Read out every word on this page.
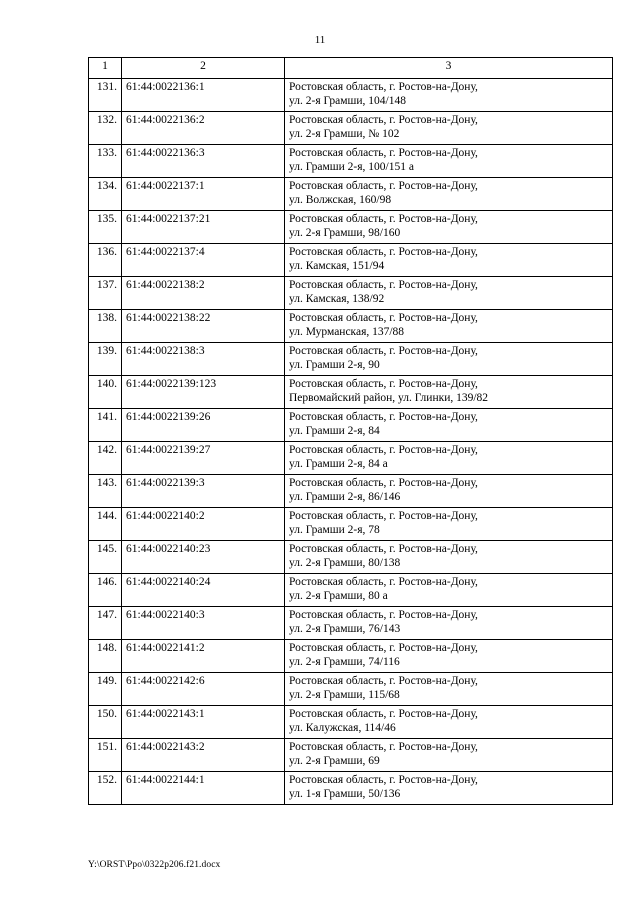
11
1	2	3
131.	61:44:0022136:1	Ростовская область, г. Ростов-на-Дону,
ул. 2-я Грамши, 104/148

132.	61:44:0022136:2	Ростовская область, г. Ростов-на-Дону,
ул. 2-я Грамши, № 102

133.	61:44:0022136:3	Ростовская область, г. Ростов-на-Дону,
ул. Грамши 2-я, 100/151 а

134.	61:44:0022137:1	Ростовская область, г. Ростов-на-Дону,
ул. Волжская, 160/98

135.	61:44:0022137:21	Ростовская область, г. Ростов-на-Дону,
ул. 2-я Грамши, 98/160

136.	61:44:0022137:4	Ростовская область, г. Ростов-на-Дону,
ул. Камская, 151/94

137.	61:44:0022138:2	Ростовская область, г. Ростов-на-Дону,
ул. Камская, 138/92

138.	61:44:0022138:22	Ростовская область, г. Ростов-на-Дону,
ул. Мурманская, 137/88

139.	61:44:0022138:3	Ростовская область, г. Ростов-на-Дону,
ул. Грамши 2-я, 90

140.	61:44:0022139:123	Ростовская область, г. Ростов-на-Дону,
Первомайский район, ул. Глинки, 139/82

141.	61:44:0022139:26	Ростовская область, г. Ростов-на-Дону,
ул. Грамши 2-я, 84

142.	61:44:0022139:27	Ростовская область, г. Ростов-на-Дону,
ул. Грамши 2-я, 84 а

143.	61:44:0022139:3	Ростовская область, г. Ростов-на-Дону,
ул. Грамши 2-я, 86/146

144.	61:44:0022140:2	Ростовская область, г. Ростов-на-Дону,
ул. Грамши 2-я, 78

145.	61:44:0022140:23	Ростовская область, г. Ростов-на-Дону,
ул. 2-я Грамши, 80/138

146.	61:44:0022140:24	Ростовская область, г. Ростов-на-Дону,
ул. 2-я Грамши, 80 а

147.	61:44:0022140:3	Ростовская область, г. Ростов-на-Дону,
ул. 2-я Грамши, 76/143

148.	61:44:0022141:2	Ростовская область, г. Ростов-на-Дону,
ул. 2-я Грамши, 74/116

149.	61:44:0022142:6	Ростовская область, г. Ростов-на-Дону,
ул. 2-я Грамши, 115/68

150.	61:44:0022143:1	Ростовская область, г. Ростов-на-Дону,
ул. Калужская, 114/46

151.	61:44:0022143:2	Ростовская область, г. Ростов-на-Дону,
ул. 2-я Грамши, 69

152.	61:44:0022144:1	Ростовская область, г. Ростов-на-Дону,
ул. 1-я Грамши, 50/136
Y:\ORST\Ppo\0322p206.f21.docx
